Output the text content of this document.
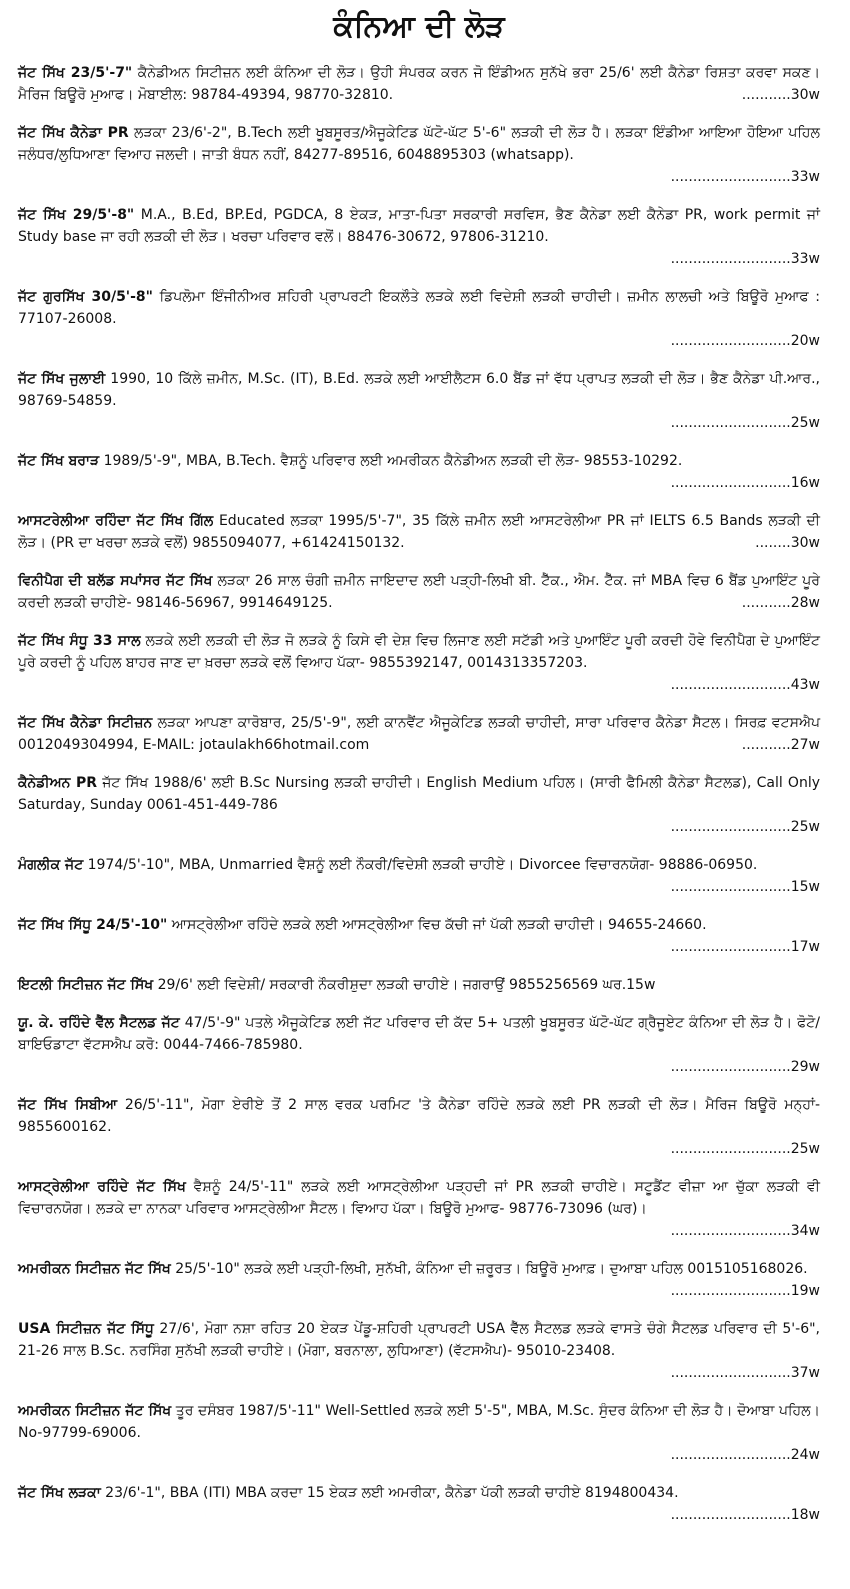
ਕੰਨਿਆ ਦੀ ਲੋੜ

ਜੱਟ ਸਿੱਖ 23/5'-7" ਕੈਨੇਡੀਅਨ ਸਿਟੀਜ਼ਨ ਲਈ ਕੰਨਿਆ ਦੀ ਲੋੜ। ਉਹੀ ਸੰਪਰਕ ਕਰਨ ਜੋ ਇੰਡੀਅਨ ਸੁਨੱਖੇ ਭਰਾ 25/6' ਲਈ ਕੈਨੇਡਾ ਰਿਸ਼ਤਾ ਕਰਵਾ ਸਕਣ। ਮੈਰਿਜ ਬਿਊਰੋ ਮੁਆਫ। ਮੋਬਾਈਲ: 98784-49394, 98770-32810.	...........30w

ਜੱਟ ਸਿੱਖ ਕੈਨੇਡਾ PR ਲੜਕਾ 23/6'-2", B.Tech ਲਈ ਖੂਬਸੂਰਤ/ਐਜੂਕੇਟਿਡ ਘੱਟੋ-ਘੱਟ 5'-6" ਲੜਕੀ ਦੀ ਲੋੜ ਹੈ। ਲੜਕਾ ਇੰਡੀਆ ਆਇਆ ਹੋਇਆ ਪਹਿਲ ਜਲੰਧਰ/ਲੁਧਿਆਣਾ ਵਿਆਹ ਜਲਦੀ। ਜਾਤੀ ਬੰਧਨ ਨਹੀਂ, 84277-89516, 6048895303 (whatsapp).
...........................33w

ਜੱਟ ਸਿੱਖ 29/5'-8" M.A., B.Ed, BP.Ed, PGDCA, 8 ਏਕੜ, ਮਾਤਾ-ਪਿਤਾ ਸਰਕਾਰੀ ਸਰਵਿਸ, ਭੈਣ ਕੈਨੇਡਾ ਲਈ ਕੈਨੇਡਾ PR, work permit ਜਾਂ Study base ਜਾ ਰਹੀ ਲੜਕੀ ਦੀ ਲੋੜ। ਖਰਚਾ ਪਰਿਵਾਰ ਵਲੋਂ। 88476-30672, 97806-31210.
...........................33w

ਜੱਟ ਗੁਰਸਿੱਖ 30/5'-8" ਡਿਪਲੋਮਾ ਇੰਜੀਨੀਅਰ ਸ਼ਹਿਰੀ ਪ੍ਰਾਪਰਟੀ ਇਕਲੌਤੇ ਲੜਕੇ ਲਈ ਵਿਦੇਸ਼ੀ ਲੜਕੀ ਚਾਹੀਦੀ। ਜ਼ਮੀਨ ਲਾਲਚੀ ਅਤੇ ਬਿਊਰੋ ਮੁਆਫ : 77107-26008.
...........................20w

ਜੱਟ ਸਿੱਖ ਜੁਲਾਈ 1990, 10 ਕਿੱਲੇ ਜ਼ਮੀਨ, M.Sc. (IT), B.Ed. ਲੜਕੇ ਲਈ ਆਈਲੈਟਸ 6.0 ਬੈਂਡ ਜਾਂ ਵੱਧ ਪ੍ਰਾਪਤ ਲੜਕੀ ਦੀ ਲੋੜ। ਭੈਣ ਕੈਨੇਡਾ ਪੀ.ਆਰ., 98769-54859.
...........................25w

ਜੱਟ ਸਿੱਖ ਬਰਾੜ 1989/5'-9", MBA, B.Tech. ਵੈਸ਼ਨੂੰ ਪਰਿਵਾਰ ਲਈ ਅਮਰੀਕਨ ਕੈਨੇਡੀਅਨ ਲੜਕੀ ਦੀ ਲੋੜ- 98553-10292.
...........................16w

ਆਸਟਰੇਲੀਆ ਰਹਿੰਦਾ ਜੱਟ ਸਿੱਖ ਗਿੱਲ Educated ਲੜਕਾ 1995/5'-7", 35 ਕਿੱਲੇ ਜ਼ਮੀਨ ਲਈ ਆਸਟਰੇਲੀਆ PR ਜਾਂ IELTS 6.5 Bands ਲੜਕੀ ਦੀ ਲੋੜ। (PR ਦਾ ਖਰਚਾ ਲੜਕੇ ਵਲੋਂ) 9855094077, +61424150132.	........30w

ਵਿਨੀਪੈਗ ਦੀ ਬਲੱਡ ਸਪਾਂਸਰ ਜੱਟ ਸਿੱਖ ਲੜਕਾ 26 ਸਾਲ ਚੰਗੀ ਜ਼ਮੀਨ ਜਾਇਦਾਦ ਲਈ ਪੜ੍ਹੀ-ਲਿਖੀ ਬੀ. ਟੈੱਕ., ਐਮ. ਟੈੱਕ. ਜਾਂ MBA ਵਿਚ 6 ਬੈਂਡ ਪੁਆਇੰਟ ਪੂਰੇ ਕਰਦੀ ਲੜਕੀ ਚਾਹੀਏ- 98146-56967, 9914649125.	...........28w

ਜੱਟ ਸਿੱਖ ਸੰਧੂ 33 ਸਾਲ ਲੜਕੇ ਲਈ ਲੜਕੀ ਦੀ ਲੋੜ ਜੋ ਲੜਕੇ ਨੂੰ ਕਿਸੇ ਵੀ ਦੇਸ਼ ਵਿਚ ਲਿਜਾਣ ਲਈ ਸਟੱਡੀ ਅਤੇ ਪੁਆਇੰਟ ਪੂਰੀ ਕਰਦੀ ਹੋਵੇ ਵਿਨੀਪੈਗ ਦੇ ਪੁਆਇੰਟ ਪੂਰੇ ਕਰਦੀ ਨੂੰ ਪਹਿਲ ਬਾਹਰ ਜਾਣ ਦਾ ਖ਼ਰਚਾ ਲੜਕੇ ਵਲੋਂ ਵਿਆਹ ਪੱਕਾ- 9855392147, 0014313357203.
...........................43w

ਜੱਟ ਸਿੱਖ ਕੈਨੇਡਾ ਸਿਟੀਜ਼ਨ ਲੜਕਾ ਆਪਣਾ ਕਾਰੋਬਾਰ, 25/5'-9", ਲਈ ਕਾਨਵੈਂਟ ਐਜੂਕੇਟਿਡ ਲੜਕੀ ਚਾਹੀਦੀ, ਸਾਰਾ ਪਰਿਵਾਰ ਕੈਨੇਡਾ ਸੈਟਲ। ਸਿਰਫ਼ ਵਟਸਐਪ 0012049304994, E-MAIL: jotaulakh66hotmail.com	...........27w

ਕੈਨੇਡੀਅਨ PR ਜੱਟ ਸਿੱਖ 1988/6' ਲਈ B.Sc Nursing ਲੜਕੀ ਚਾਹੀਦੀ। English Medium ਪਹਿਲ। (ਸਾਰੀ ਫੈਮਿਲੀ ਕੈਨੇਡਾ ਸੈਟਲਡ), Call Only Saturday, Sunday 0061-451-449-786
...........................25w

ਮੰਗਲੀਕ ਜੱਟ 1974/5'-10", MBA, Unmarried ਵੈਸ਼ਨੂੰ ਲਈ ਨੌਕਰੀ/ਵਿਦੇਸ਼ੀ ਲੜਕੀ ਚਾਹੀਏ। Divorcee ਵਿਚਾਰਨਯੋਗ- 98886-06950.
...........................15w

ਜੱਟ ਸਿੱਖ ਸਿੱਧੂ 24/5'-10" ਆਸਟ੍ਰੇਲੀਆ ਰਹਿੰਦੇ ਲੜਕੇ ਲਈ ਆਸਟ੍ਰੇਲੀਆ ਵਿਚ ਕੱਚੀ ਜਾਂ ਪੱਕੀ ਲੜਕੀ ਚਾਹੀਦੀ। 94655-24660.
...........................17w

ਇਟਲੀ ਸਿਟੀਜ਼ਨ ਜੱਟ ਸਿੱਖ 29/6' ਲਈ ਵਿਦੇਸ਼ੀ/ ਸਰਕਾਰੀ ਨੌਕਰੀਸ਼ੁਦਾ ਲੜਕੀ ਚਾਹੀਏ। ਜਗਰਾਉਂ 9855256569 ਘਰ.15w

ਯੂ. ਕੇ. ਰਹਿੰਦੇ ਵੈੱਲ ਸੈਟਲਡ ਜੱਟ 47/5'-9" ਪਤਲੇ ਐਜੂਕੇਟਿਡ ਲਈ ਜੱਟ ਪਰਿਵਾਰ ਦੀ ਕੱਦ 5+ ਪਤਲੀ ਖੂਬਸੂਰਤ ਘੱਟੋ-ਘੱਟ ਗ੍ਰੈਜੂਏਟ ਕੰਨਿਆ ਦੀ ਲੋੜ ਹੈ। ਫੋਟੋ/ਬਾਇਓਡਾਟਾ ਵੱਟਸਐਪ ਕਰੋ: 0044-7466-785980.
...........................29w

ਜੱਟ ਸਿੱਖ ਸਿਬੀਆ 26/5'-11", ਮੋਗਾ ਏਰੀਏ ਤੋਂ 2 ਸਾਲ ਵਰਕ ਪਰਮਿਟ 'ਤੇ ਕੈਨੇਡਾ ਰਹਿੰਦੇ ਲੜਕੇ ਲਈ PR ਲੜਕੀ ਦੀ ਲੋੜ। ਮੈਰਿਜ ਬਿਊਰੋ ਮਨ੍ਹਾਂ- 9855600162.
...........................25w

ਆਸਟ੍ਰੇਲੀਆ ਰਹਿੰਦੇ ਜੱਟ ਸਿੱਖ ਵੈਸ਼ਨੂੰ 24/5'-11" ਲੜਕੇ ਲਈ ਆਸਟ੍ਰੇਲੀਆ ਪੜ੍ਹਦੀ ਜਾਂ PR ਲੜਕੀ ਚਾਹੀਏ। ਸਟੂਡੈਂਟ ਵੀਜ਼ਾ ਆ ਚੁੱਕਾ ਲੜਕੀ ਵੀ ਵਿਚਾਰਨਯੋਗ। ਲੜਕੇ ਦਾ ਨਾਨਕਾ ਪਰਿਵਾਰ ਆਸਟ੍ਰੇਲੀਆ ਸੈਟਲ। ਵਿਆਹ ਪੱਕਾ। ਬਿਊਰੋ ਮੁਆਫ- 98776-73096 (ਘਰ)।
...........................34w

ਅਮਰੀਕਨ ਸਿਟੀਜ਼ਨ ਜੱਟ ਸਿੱਖ 25/5'-10" ਲੜਕੇ ਲਈ ਪੜ੍ਹੀ-ਲਿਖੀ, ਸੁਨੱਖੀ, ਕੰਨਿਆ ਦੀ ਜ਼ਰੂਰਤ। ਬਿਊਰੋ ਮੁਆਫ਼। ਦੁਆਬਾ ਪਹਿਲ 0015105168026.
...........................19w

USA ਸਿਟੀਜ਼ਨ ਜੱਟ ਸਿੱਧੂ 27/6', ਮੋਗਾ ਨਸ਼ਾ ਰਹਿਤ 20 ਏਕੜ ਪੇਂਡੂ-ਸ਼ਹਿਰੀ ਪ੍ਰਾਪਰਟੀ USA ਵੈੱਲ ਸੈਟਲਡ ਲੜਕੇ ਵਾਸਤੇ ਚੰਗੇ ਸੈਟਲਡ ਪਰਿਵਾਰ ਦੀ 5'-6", 21-26 ਸਾਲ B.Sc. ਨਰਸਿੰਗ ਸੁਨੱਖੀ ਲੜਕੀ ਚਾਹੀਏ। (ਮੋਗਾ, ਬਰਨਾਲਾ, ਲੁਧਿਆਣਾ) (ਵੱਟਸਐਪ)- 95010-23408.
...........................37w

ਅਮਰੀਕਨ ਸਿਟੀਜ਼ਨ ਜੱਟ ਸਿੱਖ ਤੂਰ ਦਸੰਬਰ 1987/5'-11" Well-Settled ਲੜਕੇ ਲਈ 5'-5", MBA, M.Sc. ਸੁੰਦਰ ਕੰਨਿਆ ਦੀ ਲੋੜ ਹੈ। ਦੋਆਬਾ ਪਹਿਲ। No-97799-69006.
...........................24w

ਜੱਟ ਸਿੱਖ ਲੜਕਾ 23/6'-1", BBA (ITI) MBA ਕਰਦਾ 15 ਏਕੜ ਲਈ ਅਮਰੀਕਾ, ਕੈਨੇਡਾ ਪੱਕੀ ਲੜਕੀ ਚਾਹੀਏ 8194800434.
...........................18w
